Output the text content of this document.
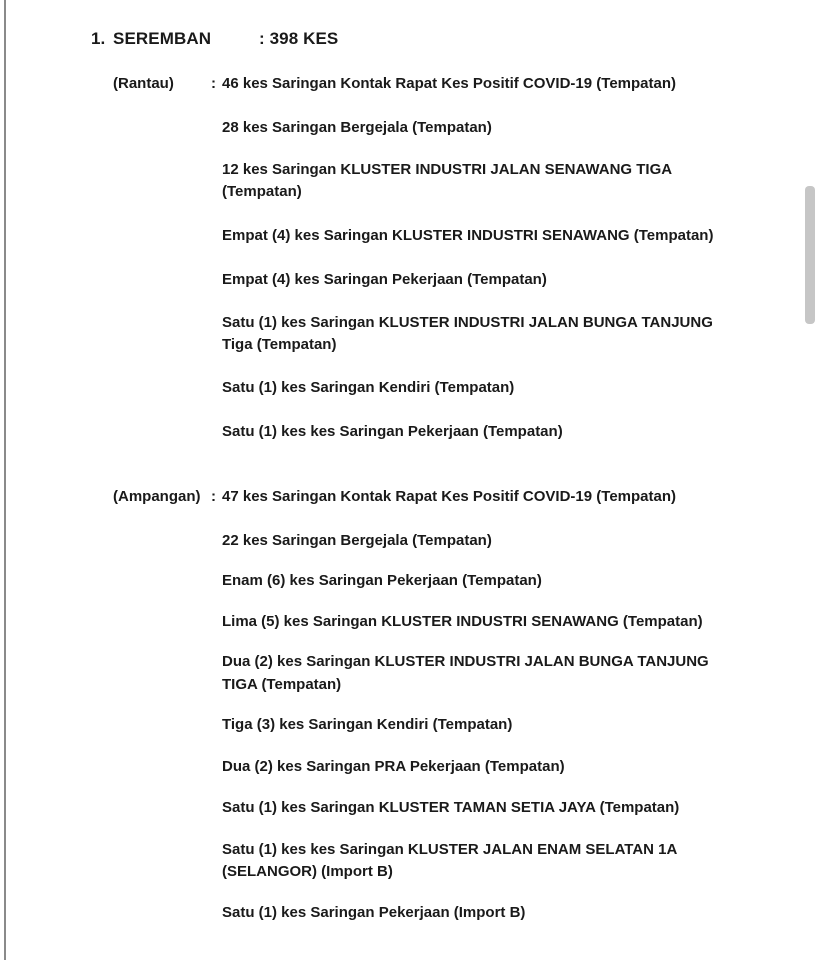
1. SEREMBAN	: 398 KES
(Rantau) : 46 kes Saringan Kontak Rapat Kes Positif COVID-19 (Tempatan)
28 kes Saringan Bergejala (Tempatan)
12 kes Saringan KLUSTER INDUSTRI JALAN SENAWANG TIGA
(Tempatan)
Empat (4) kes Saringan KLUSTER INDUSTRI SENAWANG (Tempatan)
Empat (4) kes Saringan Pekerjaan (Tempatan)
Satu (1) kes Saringan KLUSTER INDUSTRI JALAN BUNGA TANJUNG
Tiga (Tempatan)
Satu (1) kes Saringan Kendiri (Tempatan)
Satu (1) kes kes Saringan Pekerjaan (Tempatan)
(Ampangan) : 47 kes Saringan Kontak Rapat Kes Positif COVID-19 (Tempatan)
22 kes Saringan Bergejala (Tempatan)
Enam (6) kes Saringan Pekerjaan (Tempatan)
Lima (5) kes Saringan KLUSTER INDUSTRI SENAWANG (Tempatan)
Dua (2) kes Saringan KLUSTER INDUSTRI JALAN BUNGA TANJUNG
TIGA (Tempatan)
Tiga (3) kes Saringan Kendiri (Tempatan)
Dua (2) kes Saringan PRA Pekerjaan (Tempatan)
Satu (1) kes Saringan KLUSTER TAMAN SETIA JAYA (Tempatan)
Satu (1) kes kes Saringan KLUSTER JALAN ENAM SELATAN 1A
(SELANGOR) (Import B)
Satu (1) kes Saringan Pekerjaan (Import B)
